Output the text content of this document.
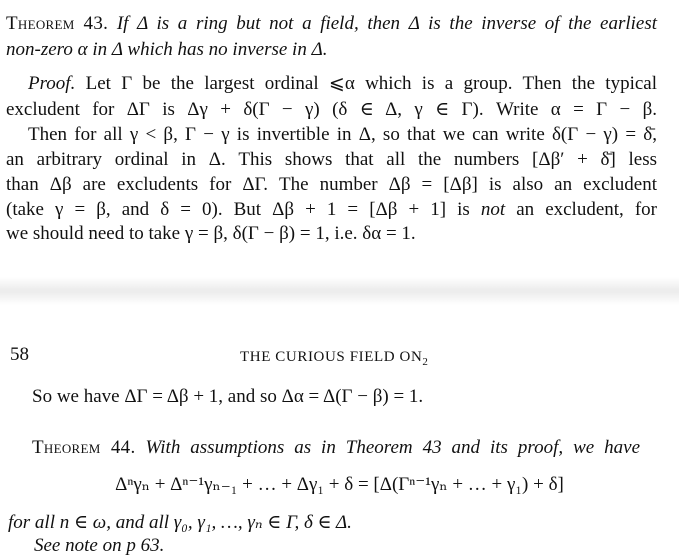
Theorem 43. If Δ is a ring but not a field, then Δ is the inverse of the earliest
non-zero α in Δ which has no inverse in Δ.
Proof. Let Γ be the largest ordinal ⩽α which is a group. Then the typical
excludent for ΔΓ is Δγ + δ(Γ − γ) (δ ∈ Δ, γ ∈ Γ). Write α = Γ − β.
Then for all γ < β, Γ − γ is invertible in Δ, so that we can write δ(Γ − γ) = δ̄,
an arbitrary ordinal in Δ. This shows that all the numbers [Δβ′ + δ̄] less
than Δβ are excludents for ΔΓ. The number Δβ = [Δβ] is also an excludent
(take γ = β, and δ = 0). But Δβ + 1 = [Δβ + 1] is not an excludent, for
we should need to take γ = β, δ(Γ − β) = 1, i.e. δα = 1.
58	THE CURIOUS FIELD $ON_2$
So we have ΔΓ = Δβ + 1, and so Δα = Δ(Γ − β) = 1.
Theorem 44. With assumptions as in Theorem 43 and its proof, we have
Δⁿγₙ + Δⁿ⁻¹γₙ₋₁ + … + Δγ₁ + δ = [Δ(Γⁿ⁻¹γₙ + … + γ₁) + δ]
for all n ∈ ω, and all γ₀, γ₁, …, γₙ ∈ Γ, δ ∈ Δ.
See note on p 63.
